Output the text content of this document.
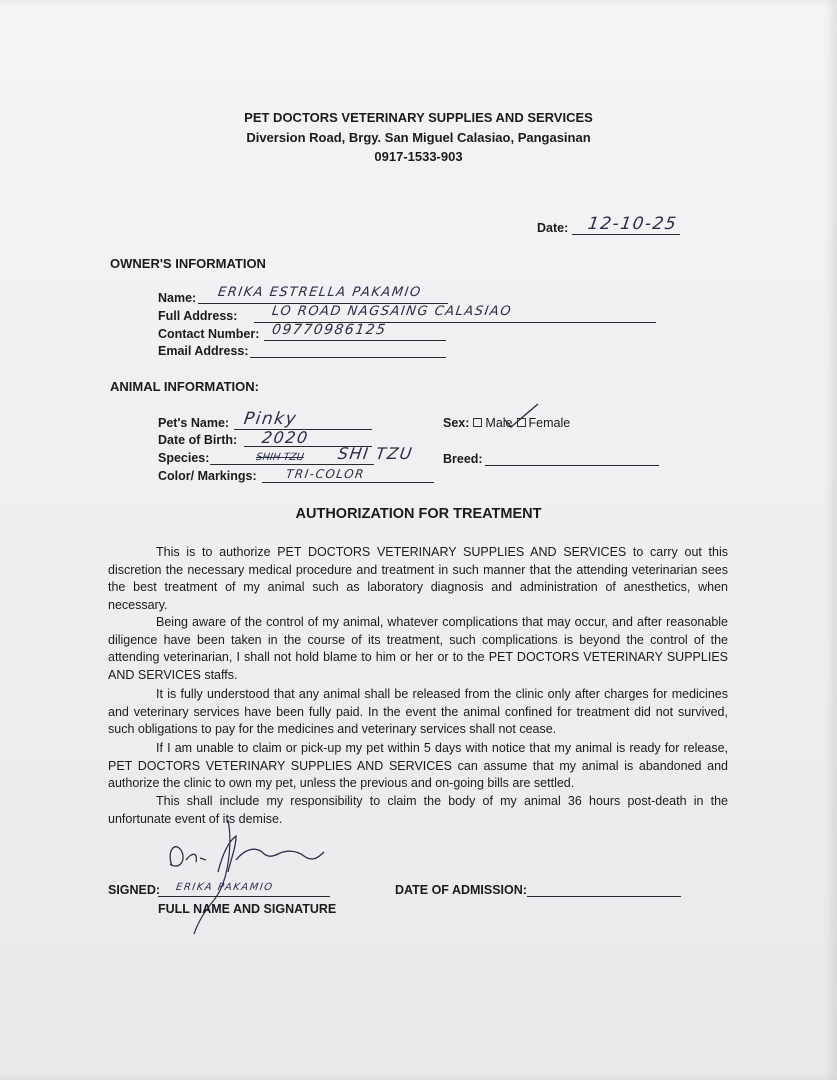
PET DOCTORS VETERINARY SUPPLIES AND SERVICES
Diversion Road, Brgy. San Miguel Calasiao, Pangasinan
0917-1533-903
Date: 12-10-25
OWNER'S INFORMATION
Name: ERIKA ESTRELLA PAKAMIO
Full Address:	LO ROAD NAGSAING CALASIAO
Contact Number: 09770986125
Email Address:
ANIMAL INFORMATION:
Pet's Name: Pinky
Date of Birth: 2020
Species:	SHIH TZU SHI TZU
Color/ Markings: TRI-COLOR
Sex: Male Female
Breed:
AUTHORIZATION FOR TREATMENT
This is to authorize PET DOCTORS VETERINARY SUPPLIES AND SERVICES to carry out this discretion the necessary medical procedure and treatment in such manner that the attending veterinarian sees the best treatment of my animal such as laboratory diagnosis and administration of anesthetics, when necessary.
Being aware of the control of my animal, whatever complications that may occur, and after reasonable diligence have been taken in the course of its treatment, such complications is beyond the control of the attending veterinarian, I shall not hold blame to him or her or to the PET DOCTORS VETERINARY SUPPLIES AND SERVICES staffs.
It is fully understood that any animal shall be released from the clinic only after charges for medicines and veterinary services have been fully paid. In the event the animal confined for treatment did not survived, such obligations to pay for the medicines and veterinary services shall not cease.
If I am unable to claim or pick-up my pet within 5 days with notice that my animal is ready for release, PET DOCTORS VETERINARY SUPPLIES AND SERVICES can assume that my animal is abandoned and authorize the clinic to own my pet, unless the previous and on-going bills are settled.
This shall include my responsibility to claim the body of my animal 36 hours post-death in the unfortunate event of its demise.
SIGNED: ERIKA PAKAMIO
FULL NAME AND SIGNATURE
DATE OF ADMISSION:
